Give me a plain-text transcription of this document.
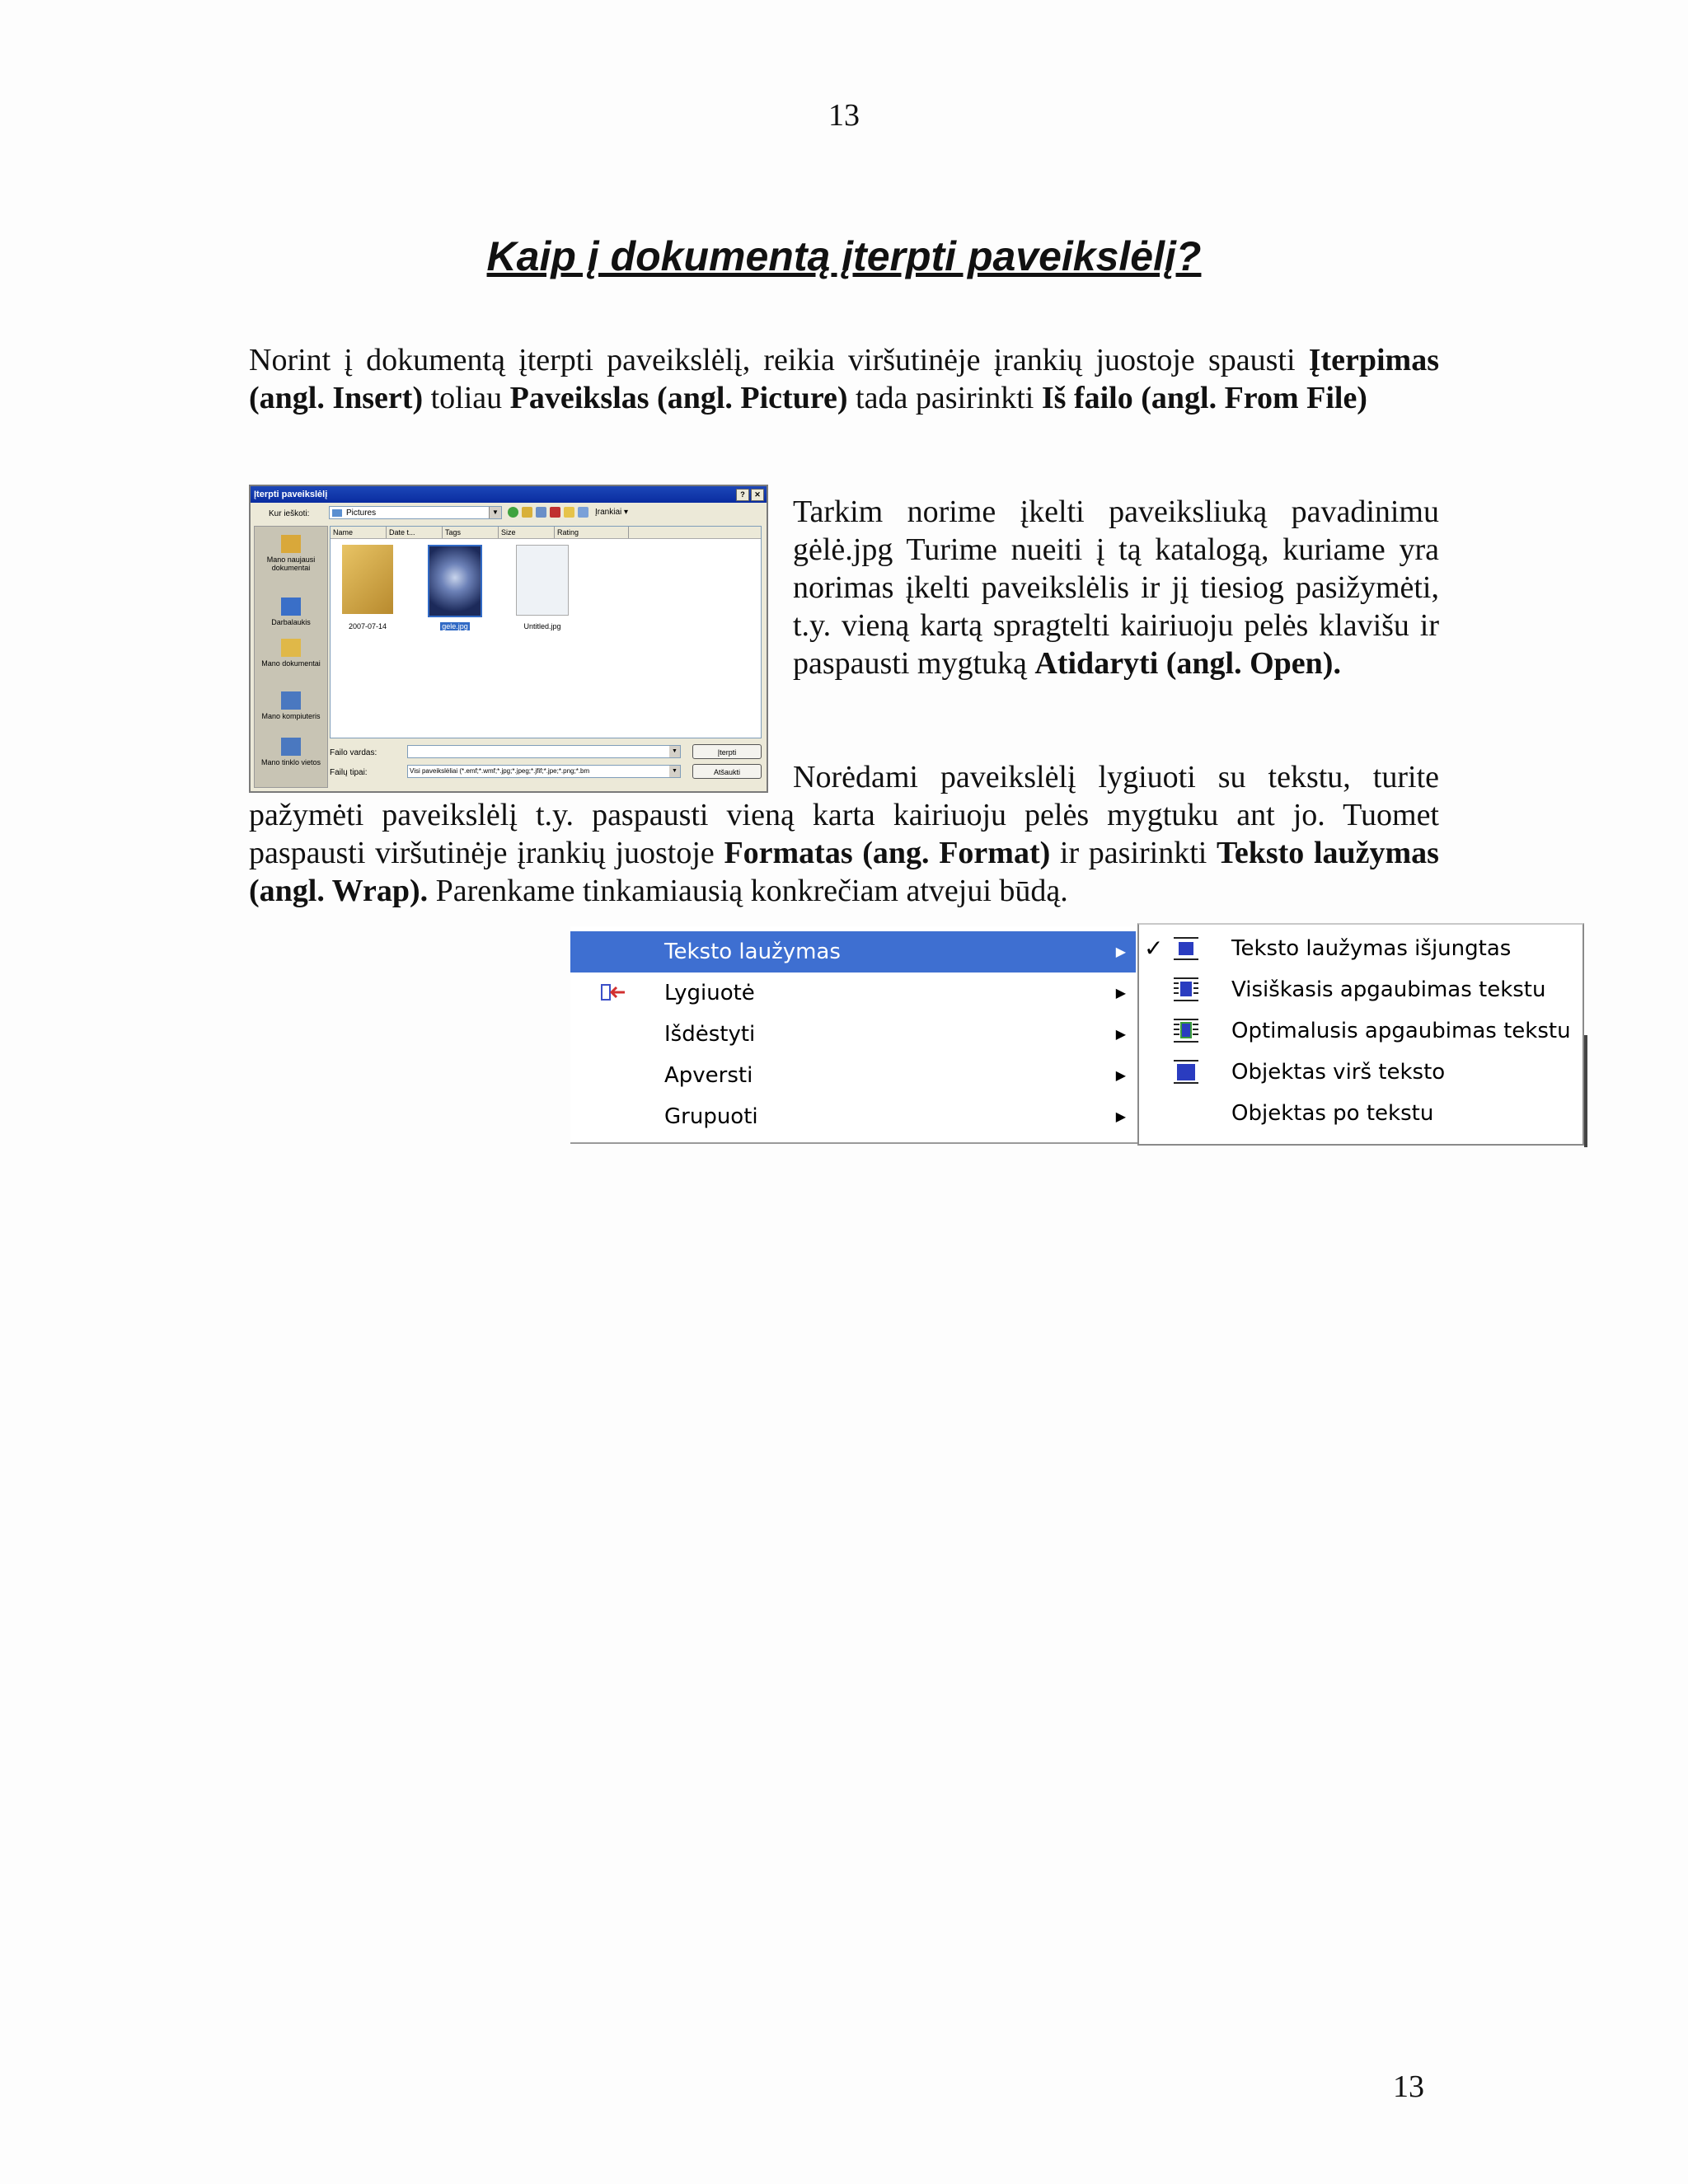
13
Kaip į dokumentą įterpti paveikslėlį?
Norint į dokumentą įterpti paveikslėlį, reikia viršutinėje įrankių juostoje spausti Įterpimas (angl. Insert) toliau Paveikslas (angl. Picture) tada pasirinkti Iš failo (angl. From File)
Įterpti paveikslėlį	?	✕
Kur ieškoti:	Pictures	▼	Įrankiai ▾
Mano naujausi dokumentai
Darbalaukis
Mano dokumentai
Mano kompiuteris
Mano tinklo vietos
Name	Date t...	Tags	Size	Rating
2007-07-14	gele.jpg	Untitled.jpg
Failo vardas:	▼
Failų tipai:	Visi paveikslėliai (*.emf;*.wmf;*.jpg;*.jpeg;*.jfif;*.jpe;*.png;*.bm	▼
Įterpti
Atšaukti
Tarkim norime įkelti paveiksliuką pavadinimu gėlė.jpg Turime nueiti į tą katalogą, kuriame yra norimas įkelti paveikslėlis ir jį tiesiog pasižymėti, t.y. vieną kartą spragtelti kairiuoju pelės klavišu ir paspausti mygtuką Atidaryti (angl. Open).
Norėdami paveikslėlį lygiuoti su tekstu, turite pažymėti paveikslėlį t.y. paspausti vieną karta kairiuoju pelės mygtuku ant jo. Tuomet paspausti viršutinėje įrankių juostoje Formatas (ang. Format) ir pasirinkti Teksto laužymas (angl. Wrap). Parenkame tinkamiausią konkrečiam atvejui būdą.
Teksto laužymas	▶
Lygiuotė	▶
Išdėstyti	▶
Apversti	▶
Grupuoti	▶
✓	Teksto laužymas išjungtas
Visiškasis apgaubimas tekstu
Optimalusis apgaubimas tekstu
Objektas virš teksto
Objektas po tekstu
13
